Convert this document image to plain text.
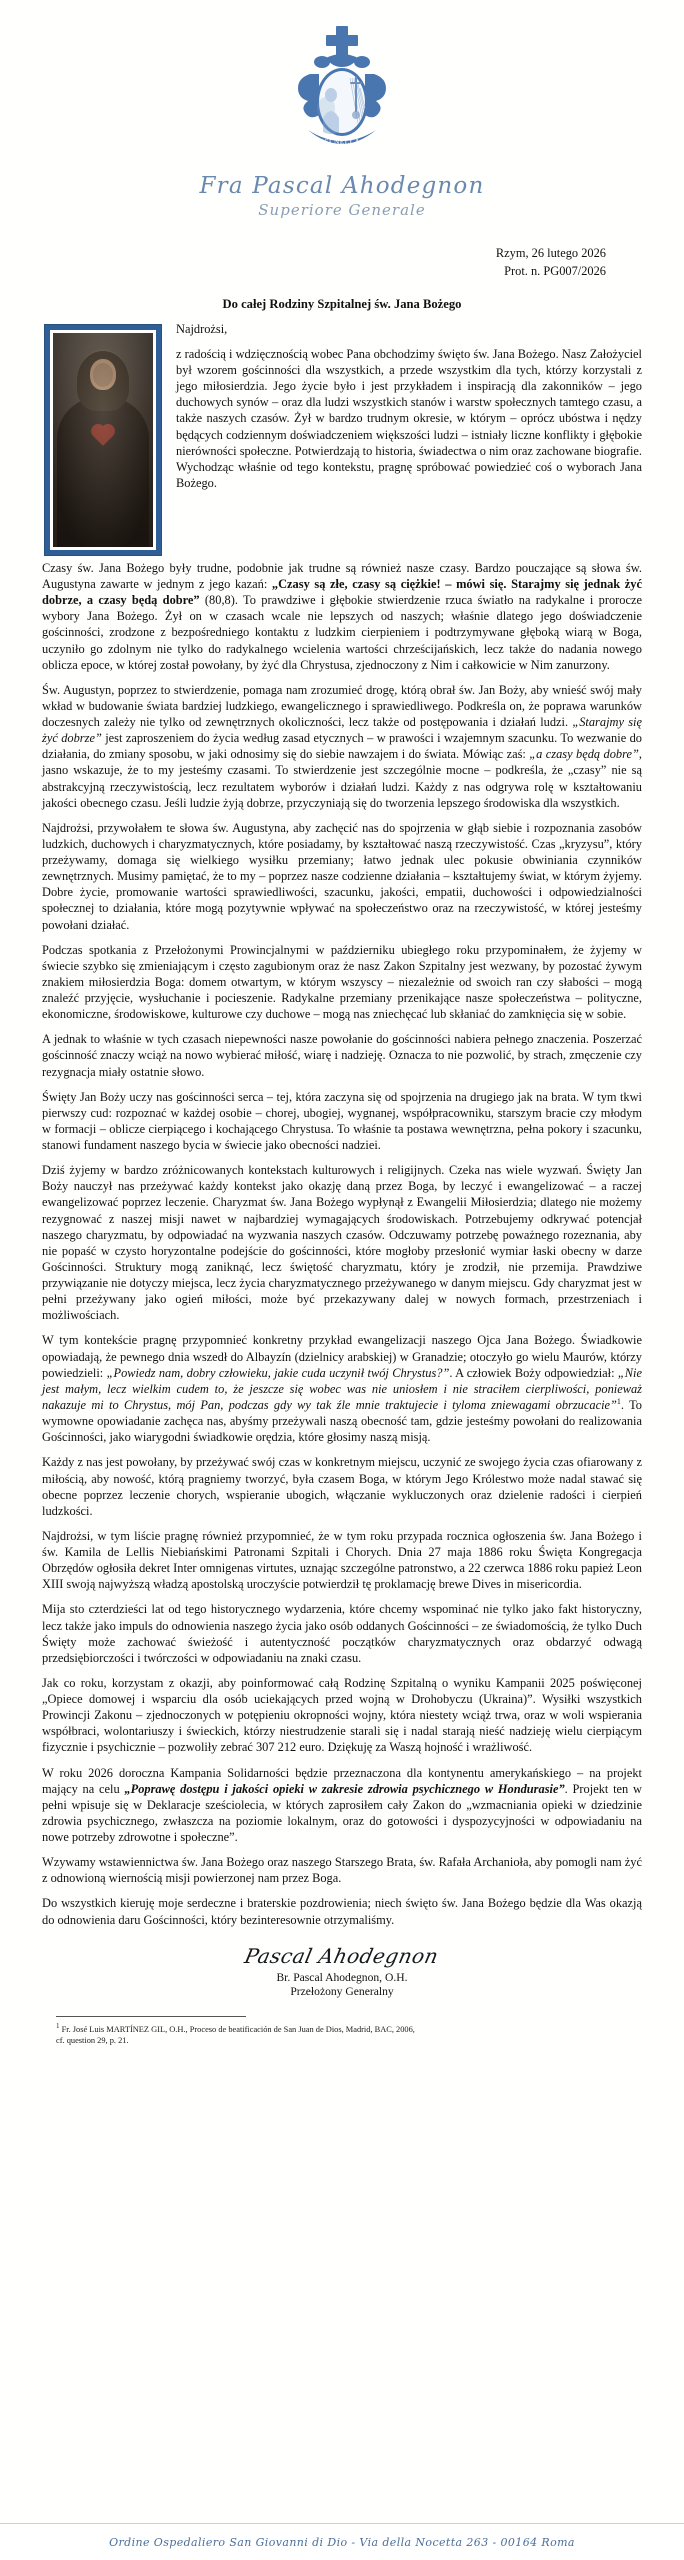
GENEROSI NELLA CARITÀ
Fra Pascal Ahodegnon
Superiore Generale
Rzym, 26 lutego 2026
Prot. n. PG007/2026
Do całej Rodziny Szpitalnej św. Jana Bożego
Najdrożsi,
z radością i wdzięcznością wobec Pana obchodzimy święto św. Jana Bożego. Nasz Założyciel był wzorem gościnności dla wszystkich, a przede wszystkim dla tych, którzy korzystali z jego miłosierdzia. Jego życie było i jest przykładem i inspiracją dla zakonników – jego duchowych synów – oraz dla ludzi wszystkich stanów i warstw społecznych tamtego czasu, a także naszych czasów. Żył w bardzo trudnym okresie, w którym – oprócz ubóstwa i nędzy będących codziennym doświadczeniem większości ludzi – istniały liczne konflikty i głębokie nierówności społeczne. Potwierdzają to historia, świadectwa o nim oraz zachowane biografie. Wychodząc właśnie od tego kontekstu, pragnę spróbować powiedzieć coś o wyborach Jana Bożego.

Czasy św. Jana Bożego były trudne, podobnie jak trudne są również nasze czasy. Bardzo pouczające są słowa św. Augustyna zawarte w jednym z jego kazań: „Czasy są złe, czasy są ciężkie! – mówi się. Starajmy się jednak żyć dobrze, a czasy będą dobre” (80,8). To prawdziwe i głębokie stwierdzenie rzuca światło na radykalne i prorocze wybory Jana Bożego. Żył on w czasach wcale nie lepszych od naszych; właśnie dlatego jego doświadczenie gościnności, zrodzone z bezpośredniego kontaktu z ludzkim cierpieniem i podtrzymywane głęboką wiarą w Boga, uczyniło go zdolnym nie tylko do radykalnego wcielenia wartości chrześcijańskich, lecz także do nadania nowego oblicza epoce, w której został powołany, by żyć dla Chrystusa, zjednoczony z Nim i całkowicie w Nim zanurzony.

Św. Augustyn, poprzez to stwierdzenie, pomaga nam zrozumieć drogę, którą obrał św. Jan Boży, aby wnieść swój mały wkład w budowanie świata bardziej ludzkiego, ewangelicznego i sprawiedliwego. Podkreśla on, że poprawa warunków doczesnych zależy nie tylko od zewnętrznych okoliczności, lecz także od postępowania i działań ludzi. „Starajmy się żyć dobrze” jest zaproszeniem do życia według zasad etycznych – w prawości i wzajemnym szacunku. To wezwanie do działania, do zmiany sposobu, w jaki odnosimy się do siebie nawzajem i do świata. Mówiąc zaś: „a czasy będą dobre”, jasno wskazuje, że to my jesteśmy czasami. To stwierdzenie jest szczególnie mocne – podkreśla, że „czasy” nie są abstrakcyjną rzeczywistością, lecz rezultatem wyborów i działań ludzi. Każdy z nas odgrywa rolę w kształtowaniu jakości obecnego czasu. Jeśli ludzie żyją dobrze, przyczyniają się do tworzenia lepszego środowiska dla wszystkich.

Najdrożsi, przywołałem te słowa św. Augustyna, aby zachęcić nas do spojrzenia w głąb siebie i rozpoznania zasobów ludzkich, duchowych i charyzmatycznych, które posiadamy, by kształtować naszą rzeczywistość. Czas „kryzysu”, który przeżywamy, domaga się wielkiego wysiłku przemiany; łatwo jednak ulec pokusie obwiniania czynników zewnętrznych. Musimy pamiętać, że to my – poprzez nasze codzienne działania – kształtujemy świat, w którym żyjemy. Dobre życie, promowanie wartości sprawiedliwości, szacunku, jakości, empatii, duchowości i odpowiedzialności społecznej to działania, które mogą pozytywnie wpływać na społeczeństwo oraz na rzeczywistość, w której jesteśmy powołani działać.

Podczas spotkania z Przełożonymi Prowincjalnymi w październiku ubiegłego roku przypominałem, że żyjemy w świecie szybko się zmieniającym i często zagubionym oraz że nasz Zakon Szpitalny jest wezwany, by pozostać żywym znakiem miłosierdzia Boga: domem otwartym, w którym wszyscy – niezależnie od swoich ran czy słabości – mogą znaleźć przyjęcie, wysłuchanie i pocieszenie. Radykalne przemiany przenikające nasze społeczeństwa – polityczne, ekonomiczne, środowiskowe, kulturowe czy duchowe – mogą nas zniechęcać lub skłaniać do zamknięcia się w sobie.

A jednak to właśnie w tych czasach niepewności nasze powołanie do gościnności nabiera pełnego znaczenia. Poszerzać gościnność znaczy wciąż na nowo wybierać miłość, wiarę i nadzieję. Oznacza to nie pozwolić, by strach, zmęczenie czy rezygnacja miały ostatnie słowo.

Święty Jan Boży uczy nas gościnności serca – tej, która zaczyna się od spojrzenia na drugiego jak na brata. W tym tkwi pierwszy cud: rozpoznać w każdej osobie – chorej, ubogiej, wygnanej, współpracowniku, starszym bracie czy młodym w formacji – oblicze cierpiącego i kochającego Chrystusa. To właśnie ta postawa wewnętrzna, pełna pokory i szacunku, stanowi fundament naszego bycia w świecie jako obecności nadziei.

Dziś żyjemy w bardzo zróżnicowanych kontekstach kulturowych i religijnych. Czeka nas wiele wyzwań. Święty Jan Boży nauczył nas przeżywać każdy kontekst jako okazję daną przez Boga, by leczyć i ewangelizować – a raczej ewangelizować poprzez leczenie. Charyzmat św. Jana Bożego wypłynął z Ewangelii Miłosierdzia; dlatego nie możemy rezygnować z naszej misji nawet w najbardziej wymagających środowiskach. Potrzebujemy odkrywać potencjał naszego charyzmatu, by odpowiadać na wyzwania naszych czasów. Odczuwamy potrzebę poważnego rozeznania, aby nie popaść w czysto horyzontalne podejście do gościnności, które mogłoby przesłonić wymiar łaski obecny w darze Gościnności. Struktury mogą zaniknąć, lecz świętość charyzmatu, który je zrodził, nie przemija. Prawdziwe przywiązanie nie dotyczy miejsca, lecz życia charyzmatycznego przeżywanego w danym miejscu. Gdy charyzmat jest w pełni przeżywany jako ogień miłości, może być przekazywany dalej w nowych formach, przestrzeniach i możliwościach.

W tym kontekście pragnę przypomnieć konkretny przykład ewangelizacji naszego Ojca Jana Bożego. Świadkowie opowiadają, że pewnego dnia wszedł do Albayzín (dzielnicy arabskiej) w Granadzie; otoczyło go wielu Maurów, którzy powiedzieli: „Powiedz nam, dobry człowieku, jakie cuda uczynił twój Chrystus?”. A człowiek Boży odpowiedział: „Nie jest małym, lecz wielkim cudem to, że jeszcze się wobec was nie uniosłem i nie straciłem cierpliwości, ponieważ nakazuje mi to Chrystus, mój Pan, podczas gdy wy tak źle mnie traktujecie i tyloma zniewagami obrzucacie”$^1$. To wymowne opowiadanie zachęca nas, abyśmy przeżywali naszą obecność tam, gdzie jesteśmy powołani do realizowania Gościnności, jako wiarygodni świadkowie orędzia, które głosimy naszą misją.

Każdy z nas jest powołany, by przeżywać swój czas w konkretnym miejscu, uczynić ze swojego życia czas ofiarowany z miłością, aby nowość, którą pragniemy tworzyć, była czasem Boga, w którym Jego Królestwo może nadal stawać się obecne poprzez leczenie chorych, wspieranie ubogich, włączanie wykluczonych oraz dzielenie radości i cierpień ludzkości.

Najdrożsi, w tym liście pragnę również przypomnieć, że w tym roku przypada rocznica ogłoszenia św. Jana Bożego i św. Kamila de Lellis Niebiańskimi Patronami Szpitali i Chorych. Dnia 27 maja 1886 roku Święta Kongregacja Obrzędów ogłosiła dekret Inter omnigenas virtutes, uznając szczególne patronstwo, a 22 czerwca 1886 roku papież Leon XIII swoją najwyższą władzą apostolską uroczyście potwierdził tę proklamację brewe Dives in misericordia.

Mija sto czterdzieści lat od tego historycznego wydarzenia, które chcemy wspominać nie tylko jako fakt historyczny, lecz także jako impuls do odnowienia naszego życia jako osób oddanych Gościnności – ze świadomością, że tylko Duch Święty może zachować świeżość i autentyczność początków charyzmatycznych oraz obdarzyć odwagą przedsiębiorczości i twórczości w odpowiadaniu na znaki czasu.

Jak co roku, korzystam z okazji, aby poinformować całą Rodzinę Szpitalną o wyniku Kampanii 2025 poświęconej „Opiece domowej i wsparciu dla osób uciekających przed wojną w Drohobyczu (Ukraina)”. Wysiłki wszystkich Prowincji Zakonu – zjednoczonych w potępieniu okropności wojny, która niestety wciąż trwa, oraz w woli wspierania współbraci, wolontariuszy i świeckich, którzy niestrudzenie starali się i nadal starają nieść nadzieję wielu cierpiącym fizycznie i psychicznie – pozwoliły zebrać 307 212 euro. Dziękuję za Waszą hojność i wrażliwość.

W roku 2026 doroczna Kampania Solidarności będzie przeznaczona dla kontynentu amerykańskiego – na projekt mający na celu „Poprawę dostępu i jakości opieki w zakresie zdrowia psychicznego w Hondurasie”. Projekt ten w pełni wpisuje się w Deklaracje sześciolecia, w których zaprosiłem cały Zakon do „wzmacniania opieki w dziedzinie zdrowia psychicznego, zwłaszcza na poziomie lokalnym, oraz do gotowości i dyspozycyjności w odpowiadaniu na nowe potrzeby zdrowotne i społeczne”.

Wzywamy wstawiennictwa św. Jana Bożego oraz naszego Starszego Brata, św. Rafała Archanioła, aby pomogli nam żyć z odnowioną wiernością misji powierzonej nam przez Boga.

Do wszystkich kieruję moje serdeczne i braterskie pozdrowienia; niech święto św. Jana Bożego będzie dla Was okazją do odnowienia daru Gościnności, który bezinteresownie otrzymaliśmy.

Pascal Ahodegnon
Br. Pascal Ahodegnon, O.H.
Przełożony Generalny
$^1$ Fr. José Luis MARTÍNEZ GIL, O.H., Proceso de beatificación de San Juan de Dios, Madrid, BAC, 2006,
cf. question 29, p. 21.
Ordine Ospedaliero San Giovanni di Dio - Via della Nocetta 263 - 00164 Roma
